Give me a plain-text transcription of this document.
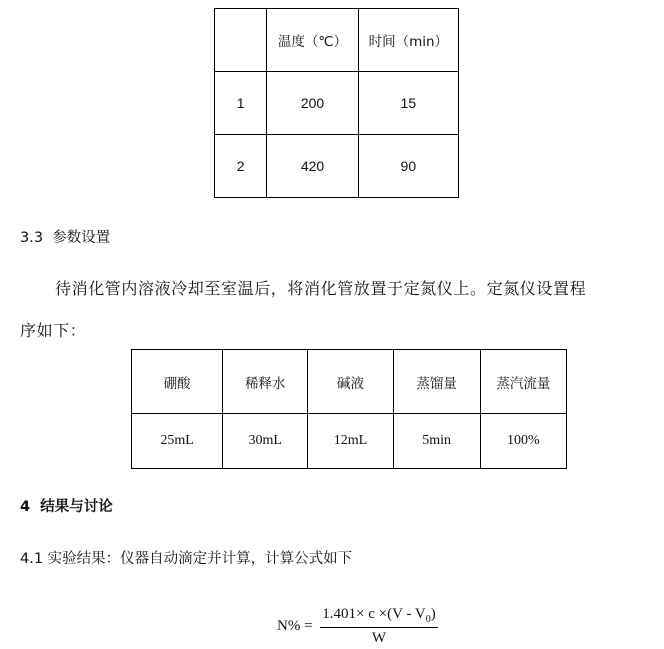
	温度（℃）	时间（min）
1	200	15
2	420	90
3.3 参数设置
待消化管内溶液冷却至室温后，将消化管放置于定氮仪上。定氮仪设置程
序如下：
硼酸	稀释水	碱液	蒸馏量	蒸汽流量
25mL	30mL	12mL	5min	100%
4 结果与讨论
4.1 实验结果：仪器自动滴定并计算，计算公式如下
N% =
$1.401\times c \times(V - V_0)$
W
